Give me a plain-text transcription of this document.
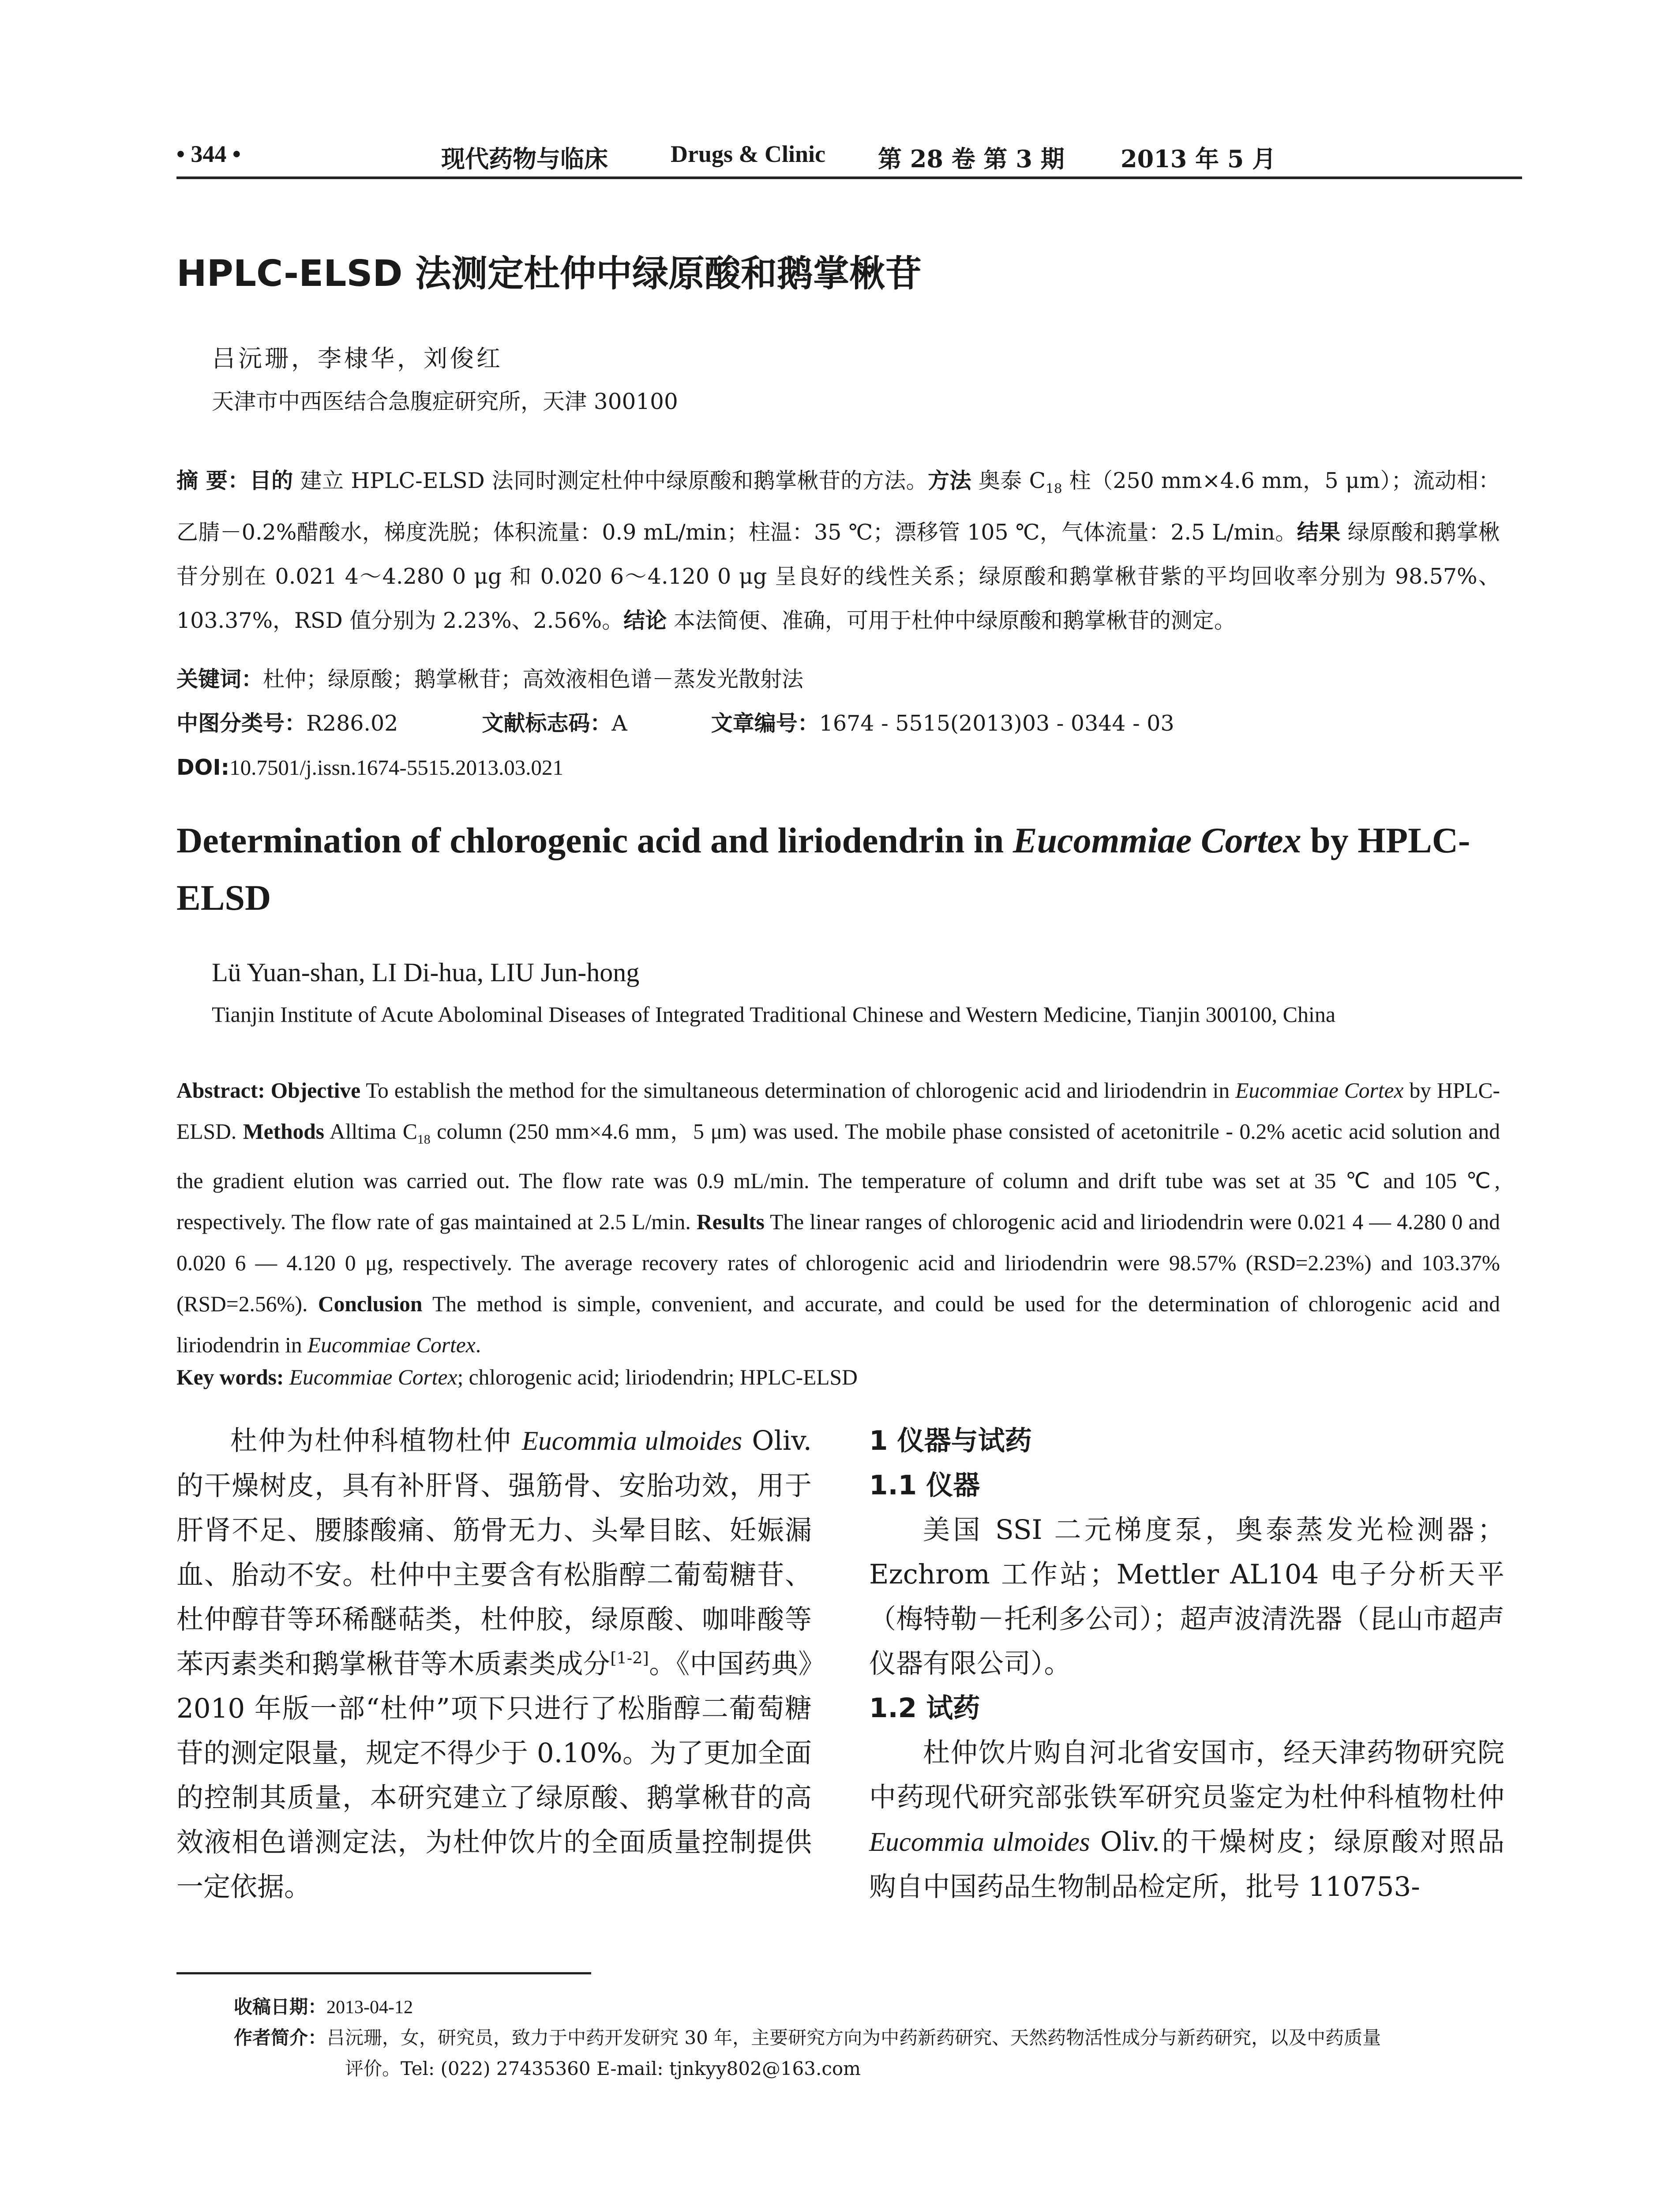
• 344 •	现代药物与临床	Drugs & Clinic 第 28 卷 第 3 期 2013 年 5 月
HPLC-ELSD 法测定杜仲中绿原酸和鹅掌楸苷
吕沅珊，李棣华，刘俊红
天津市中西医结合急腹症研究所，天津 300100
摘 要：目的 建立 HPLC-ELSD 法同时测定杜仲中绿原酸和鹅掌楸苷的方法。方法 奥泰 $C_{18}$ 柱（250 mm×4.6 mm，5 μm）；流动相：乙腈－0.2%醋酸水，梯度洗脱；体积流量：0.9 mL/min；柱温：35 ℃；漂移管 105 ℃，气体流量：2.5 L/min。结果 绿原酸和鹅掌楸苷分别在 0.021 4～4.280 0 μg 和 0.020 6～4.120 0 μg 呈良好的线性关系；绿原酸和鹅掌楸苷紫的平均回收率分别为 98.57%、103.37%，RSD 值分别为 2.23%、2.56%。结论 本法简便、准确，可用于杜仲中绿原酸和鹅掌楸苷的测定。
关键词：杜仲；绿原酸；鹅掌楸苷；高效液相色谱－蒸发光散射法
中图分类号：R286.02	文献标志码：A	文章编号：1674 - 5515(2013)03 - 0344 - 03
DOI:10.7501/j.issn.1674-5515.2013.03.021
Determination of chlorogenic acid and liriodendrin in Eucommiae Cortex by HPLC-ELSD
Lü Yuan-shan, LI Di-hua, LIU Jun-hong
Tianjin Institute of Acute Abolominal Diseases of Integrated Traditional Chinese and Western Medicine, Tianjin 300100, China
Abstract: Objective To establish the method for the simultaneous determination of chlorogenic acid and liriodendrin in Eucommiae Cortex by HPLC-ELSD. Methods Alltima $C_{18}$ column (250 mm×4.6 mm，5 μm) was used. The mobile phase consisted of acetonitrile - 0.2% acetic acid solution and the gradient elution was carried out. The flow rate was 0.9 mL/min. The temperature of column and drift tube was set at 35 ℃ and 105 ℃, respectively. The flow rate of gas maintained at 2.5 L/min. Results The linear ranges of chlorogenic acid and liriodendrin were 0.021 4 — 4.280 0 and 0.020 6 — 4.120 0 μg, respectively. The average recovery rates of chlorogenic acid and liriodendrin were 98.57% (RSD=2.23%) and 103.37% (RSD=2.56%). Conclusion The method is simple, convenient, and accurate, and could be used for the determination of chlorogenic acid and liriodendrin in Eucommiae Cortex.
Key words: Eucommiae Cortex; chlorogenic acid; liriodendrin; HPLC-ELSD
杜仲为杜仲科植物杜仲 Eucommia ulmoides Oliv.的干燥树皮，具有补肝肾、强筋骨、安胎功效，用于肝肾不足、腰膝酸痛、筋骨无力、头晕目眩、妊娠漏血、胎动不安。杜仲中主要含有松脂醇二葡萄糖苷、杜仲醇苷等环稀醚萜类，杜仲胶，绿原酸、咖啡酸等苯丙素类和鹅掌楸苷等木质素类成分[1-2]。《中国药典》2010 年版一部“杜仲”项下只进行了松脂醇二葡萄糖苷的测定限量，规定不得少于 0.10%。为了更加全面的控制其质量，本研究建立了绿原酸、鹅掌楸苷的高效液相色谱测定法，为杜仲饮片的全面质量控制提供一定依据。
1 仪器与试药
1.1 仪器
美国 SSI 二元梯度泵，奥泰蒸发光检测器；Ezchrom 工作站；Mettler AL104 电子分析天平（梅特勒－托利多公司）；超声波清洗器（昆山市超声仪器有限公司）。
1.2 试药
杜仲饮片购自河北省安国市，经天津药物研究院中药现代研究部张铁军研究员鉴定为杜仲科植物杜仲 Eucommia ulmoides Oliv.的干燥树皮；绿原酸对照品购自中国药品生物制品检定所，批号 110753-
收稿日期：2013-04-12
作者简介：吕沅珊，女，研究员，致力于中药开发研究 30 年，主要研究方向为中药新药研究、天然药物活性成分与新药研究，以及中药质量
评价。Tel: (022) 27435360 E-mail: tjnkyy802@163.com
